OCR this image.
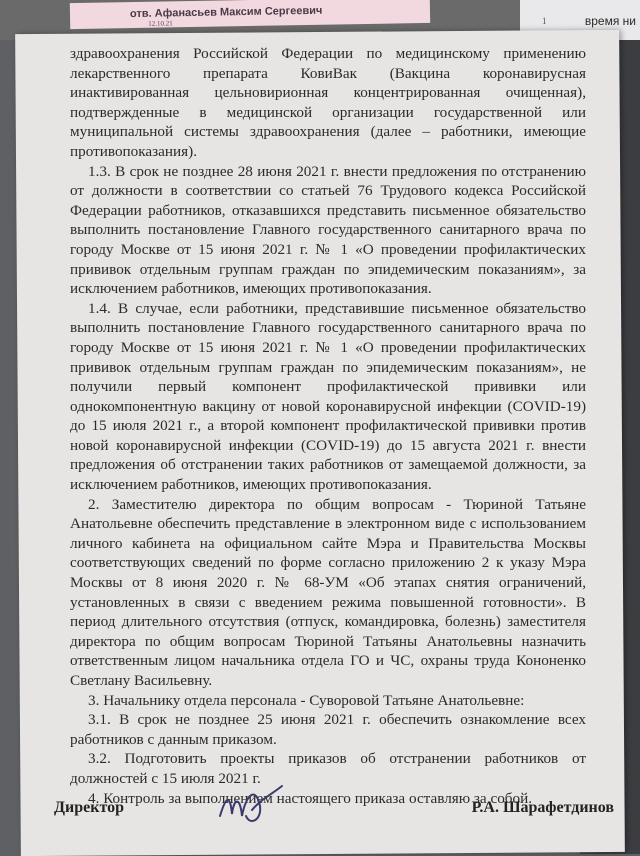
1	время ни
отв. Афанасьев Максим Сергеевич
12.10.21

здравоохранения Российской Федерации по медицинскому применению лекарственного препарата КовиВак (Вакцина коронавирусная инактивированная цельновирионная концентрированная очищенная), подтвержденные в медицинской организации государственной или муниципальной системы здравоохранения (далее – работники, имеющие противопоказания).

1.3. В срок не позднее 28 июня 2021 г. внести предложения по отстранению от должности в соответствии со статьей 76 Трудового кодекса Российской Федерации работников, отказавшихся представить письменное обязательство выполнить постановление Главного государственного санитарного врача по городу Москве от 15 июня 2021 г. № 1 «О проведении профилактических прививок отдельным группам граждан по эпидемическим показаниям», за исключением работников, имеющих противопоказания.

1.4. В случае, если работники, представившие письменное обязательство выполнить постановление Главного государственного санитарного врача по городу Москве от 15 июня 2021 г. № 1 «О проведении профилактических прививок отдельным группам граждан по эпидемическим показаниям», не получили первый компонент профилактической прививки или однокомпонентную вакцину от новой коронавирусной инфекции (COVID-19) до 15 июля 2021 г., а второй компонент профилактической прививки против новой коронавирусной инфекции (COVID-19) до 15 августа 2021 г. внести предложения об отстранении таких работников от замещаемой должности, за исключением работников, имеющих противопоказания.

2. Заместителю директора по общим вопросам - Тюриной Татьяне Анатольевне обеспечить представление в электронном виде с использованием личного кабинета на официальном сайте Мэра и Правительства Москвы соответствующих сведений по форме согласно приложению 2 к указу Мэра Москвы от 8 июня 2020 г. № 68-УМ «Об этапах снятия ограничений, установленных в связи с введением режима повышенной готовности». В период длительного отсутствия (отпуск, командировка, болезнь) заместителя директора по общим вопросам Тюриной Татьяны Анатольевны назначить ответственным лицом начальника отдела ГО и ЧС, охраны труда Кононенко Светлану Васильевну.

3. Начальнику отдела персонала - Суворовой Татьяне Анатольевне:

3.1. В срок не позднее 25 июня 2021 г. обеспечить ознакомление всех работников с данным приказом.

3.2. Подготовить проекты приказов об отстранении работников от должностей с 15 июля 2021 г.

4. Контроль за выполнением настоящего приказа оставляю за собой.

Директор	Р.А. Шарафетдинов
